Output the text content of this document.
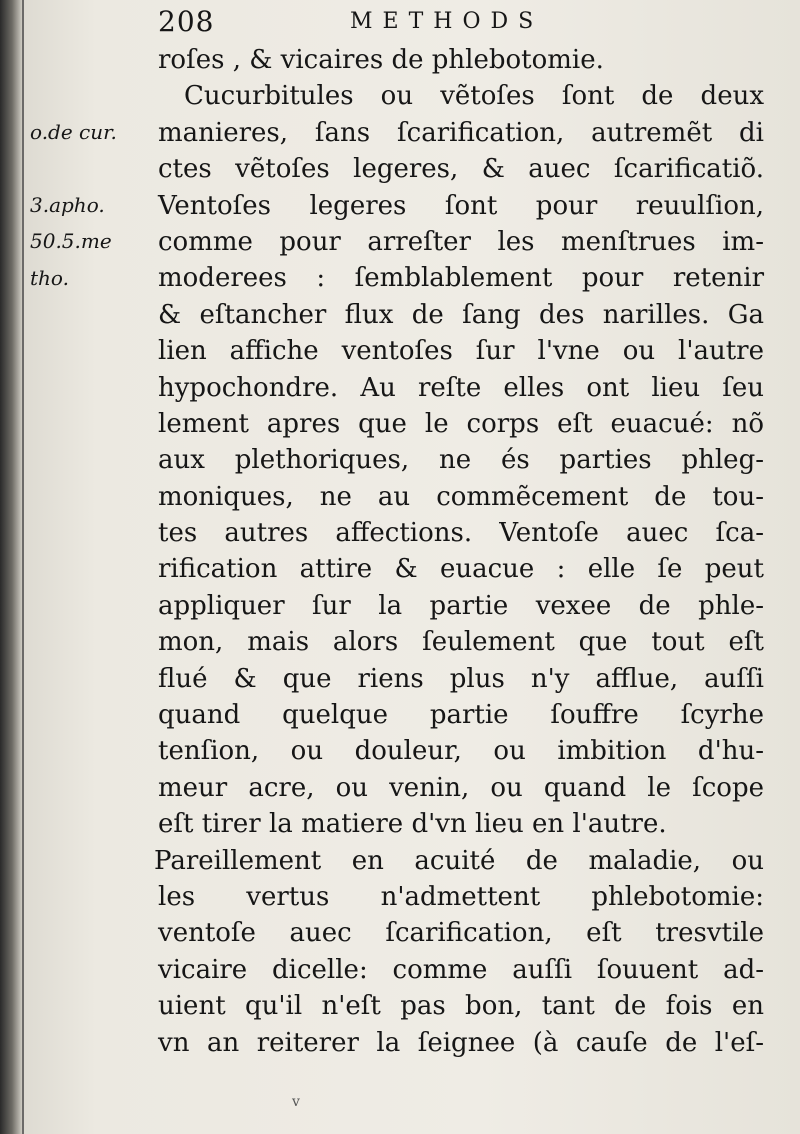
208	METHODS
o.de cur.
3.apho.
50.5.me
tho.
roſes , & vicaires de phlebotomie.
Cucurbitules ou vẽtoſes ſont de deux
manieres, ſans ſcarification, autremẽt di
ctes vẽtoſes legeres, & auec ſcarificatiõ.
Ventoſes legeres ſont pour reuulſion,
comme pour arreſter les menſtrues im-
moderees : ſemblablement pour retenir
& eſtancher flux de ſang des narilles. Ga
lien affiche ventoſes ſur l'vne ou l'autre
hypochondre. Au reſte elles ont lieu ſeu
lement apres que le corps eſt euacué: nõ
aux plethoriques, ne és parties phleg-
moniques, ne au commẽcement de tou-
tes autres affections. Ventoſe auec ſca-
rification attire & euacue : elle ſe peut
appliquer ſur la partie vexee de phle-
mon, mais alors ſeulement que tout eſt
flué & que riens plus n'y afflue, auſſi
quand quelque partie ſouffre ſcyrhe
tenſion, ou douleur, ou imbition d'hu-
meur acre, ou venin, ou quand le ſcope
eſt tirer la matiere d'vn lieu en l'autre.
Pareillement en acuité de maladie, ou
les vertus n'admettent phlebotomie:
ventoſe auec ſcarification, eſt tresvtile
vicaire dicelle: comme auſſi ſouuent ad-
uient qu'il n'eſt pas bon, tant de fois en
vn an reiterer la ſeignee (à cauſe de l'eſ-
v
